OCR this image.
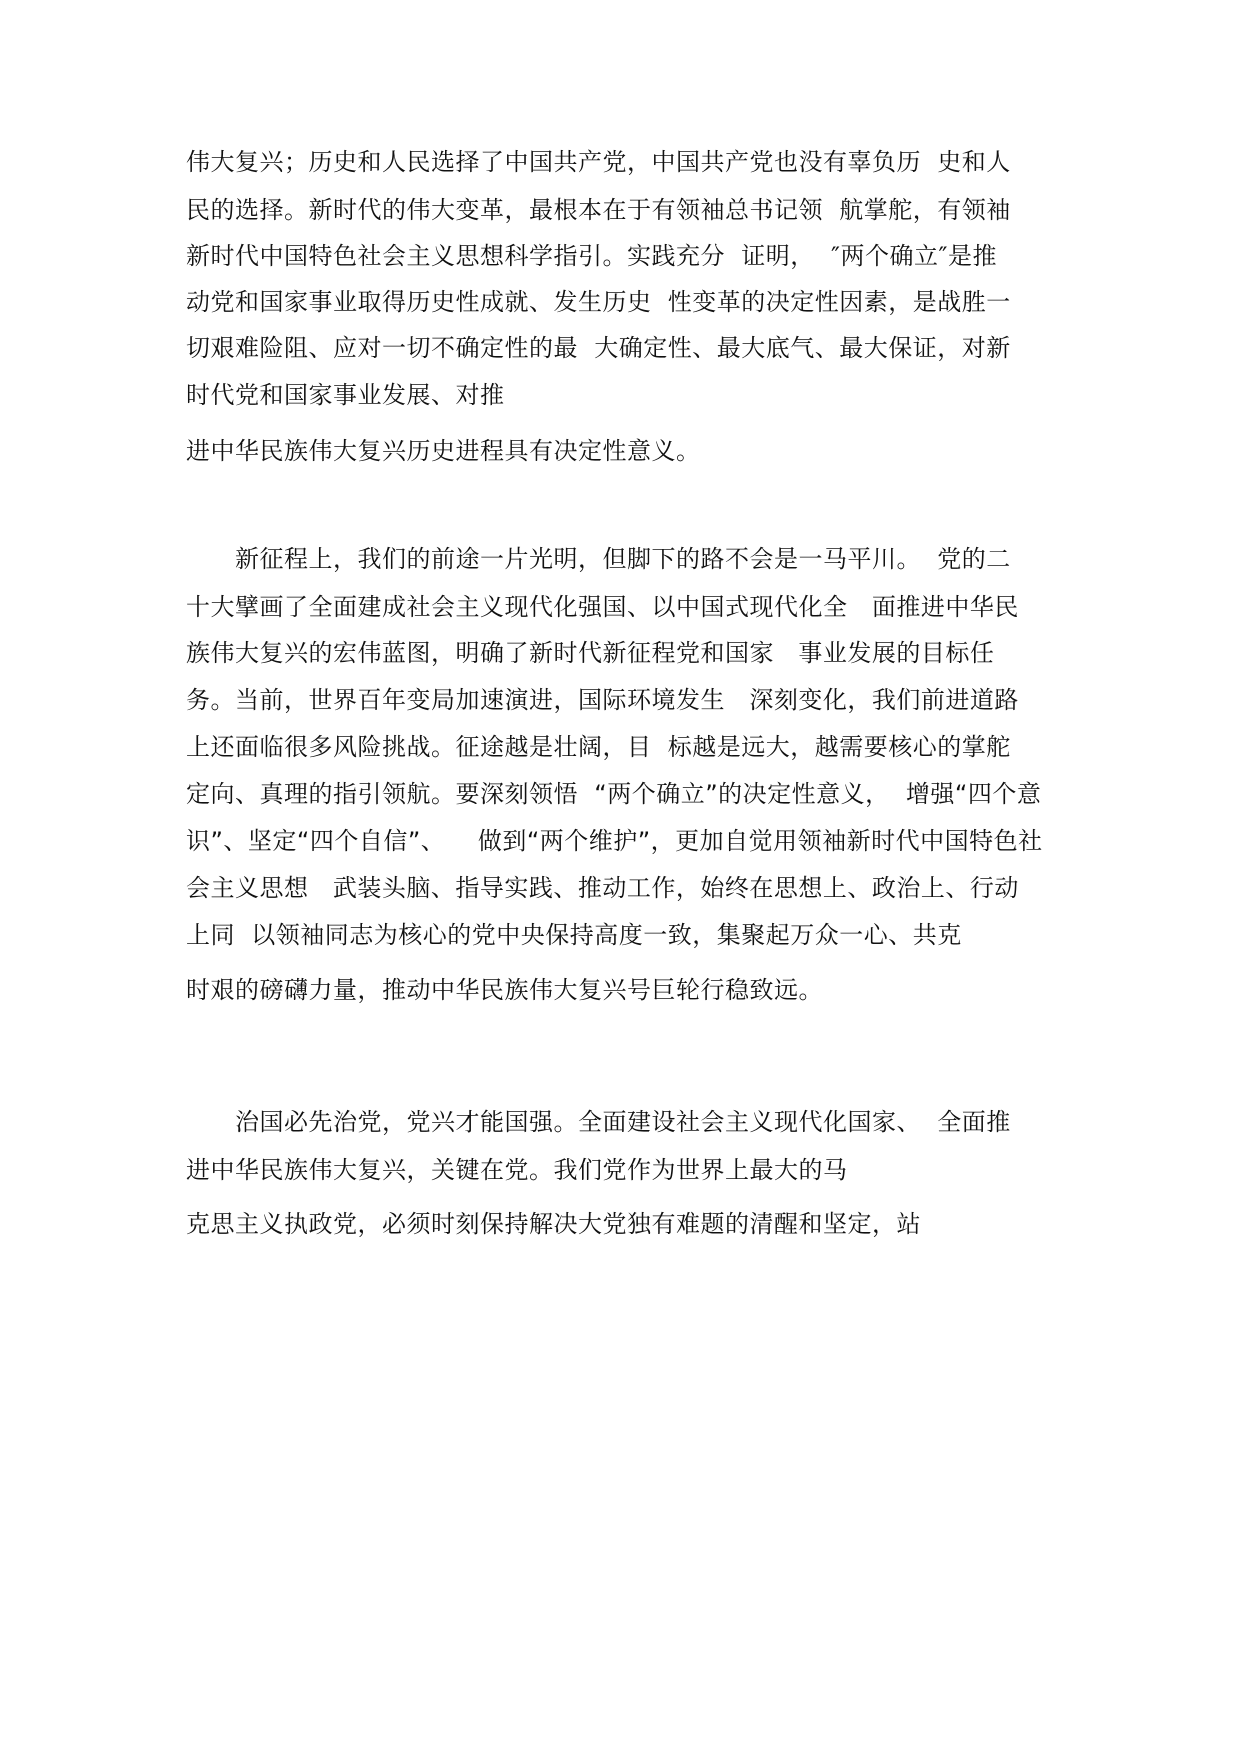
伟大复兴；历史和人民选择了中国共产党，中国共产党也没有辜负历  史和人
民的选择。新时代的伟大变革，最根本在于有领袖总书记领  航掌舵，有领袖
新时代中国特色社会主义思想科学指引。实践充分  证明，  ″两个确立″是推
动党和国家事业取得历史性成就、发生历史  性变革的决定性因素，是战胜一
切艰难险阻、应对一切不确定性的最  大确定性、最大底气、最大保证，对新
时代党和国家事业发展、对推
进中华民族伟大复兴历史进程具有决定性意义。
　　新征程上，我们的前途一片光明，但脚下的路不会是一马平川。  党的二
十大擘画了全面建成社会主义现代化强国、以中国式现代化全   面推进中华民
族伟大复兴的宏伟蓝图，明确了新时代新征程党和国家   事业发展的目标任
务。当前，世界百年变局加速演进，国际环境发生   深刻变化，我们前进道路
上还面临很多风险挑战。征途越是壮阔，目  标越是远大，越需要核心的掌舵
定向、真理的指引领航。要深刻领悟  “两个确立”的决定性意义，  增强“四个意
识”、坚定“四个自信”、    做到“两个维护”，更加自觉用领袖新时代中国特色社
会主义思想   武装头脑、指导实践、推动工作，始终在思想上、政治上、行动
上同  以领袖同志为核心的党中央保持高度一致，集聚起万众一心、共克
时艰的磅礴力量，推动中华民族伟大复兴号巨轮行稳致远。
　　治国必先治党，党兴才能国强。全面建设社会主义现代化国家、  全面推
进中华民族伟大复兴，关键在党。我们党作为世界上最大的马
克思主义执政党，必须时刻保持解决大党独有难题的清醒和坚定，站
